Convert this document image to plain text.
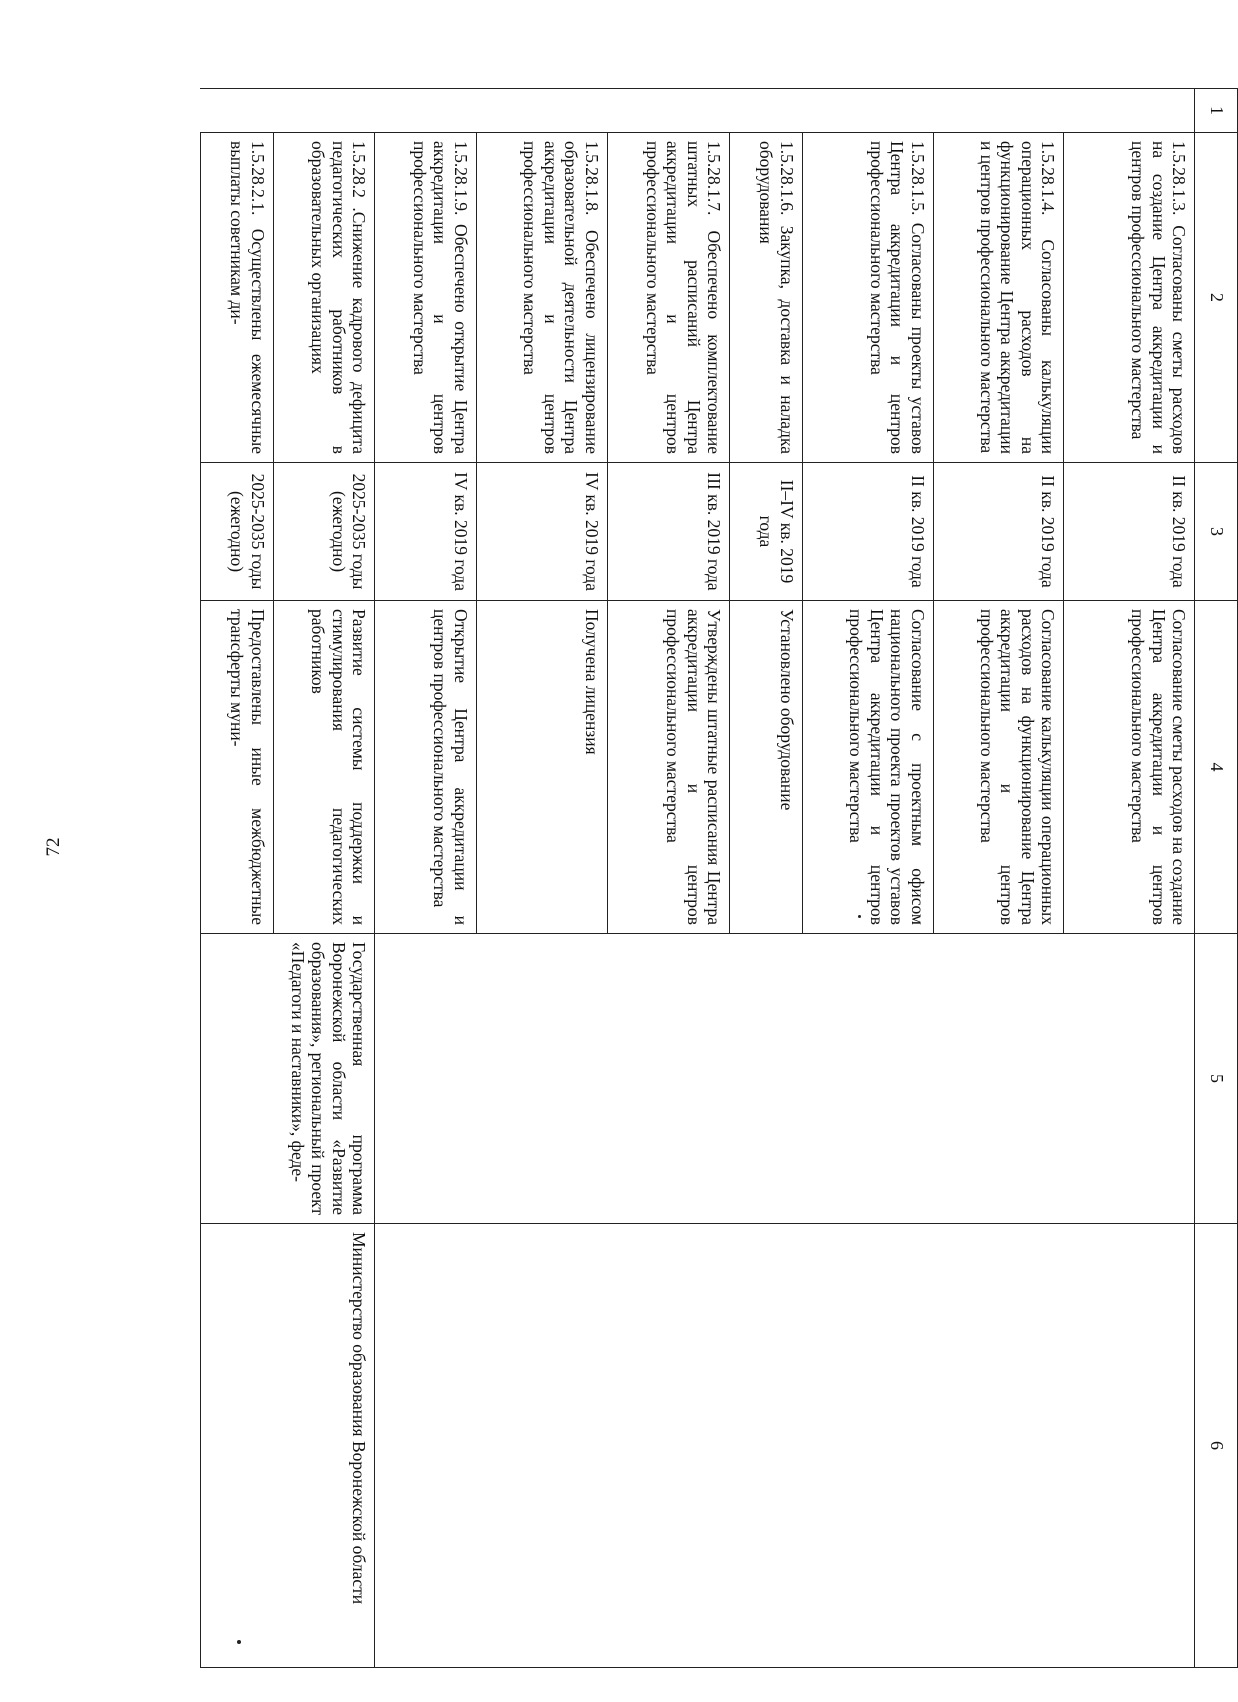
72
1	2	3	4	5	6
	1.5.28.1.3. Согласованы сметы расходов на создание Центра аккредитации и центров профессионального мастерства	II кв. 2019 года	Согласование сметы расходов на создание Центра аккредитации и центров профессионального мастерства		
	1.5.28.1.4. Согласованы калькуляции операционных расходов на функционирование Центра аккредитации и центров профессионального мастерства	II кв. 2019 года	Согласование калькуляции операционных расходов на функционирование Центра аккредитации и центров профессионального мастерства		
	1.5.28.1.5. Согласованы проекты уставов Центра аккредитации и центров профессионального мастерства	II кв. 2019 года	Согласование с проектным офисом национального проекта проектов уставов Центра аккредитации и центров профессионального мастерства		
	1.5.28.1.6. Закупка, доставка и наладка оборудования	II–IV кв. 2019 года	Установлено оборудование		
	1.5.28.1.7. Обеспечено комплектование штатных расписаний Центра аккредитации и центров профессионального мастерства	III кв. 2019 года	Утверждены штатные расписания Центра аккредитации и центров профессионального мастерства		
	1.5.28.1.8. Обеспечено лицензирование образовательной деятельности Центра аккредитации и центров профессионального мастерства	IV кв. 2019 года	Получена лицензия		
	1.5.28.1.9. Обеспечено открытие Центра аккредитации и центров профессионального мастерства	IV кв. 2019 года	Открытие Центра аккредитации и центров профессионального мастерства		
	1.5.28.2 .Снижение кадрового дефицита педагогических работников в образовательных организациях	2025-2035 годы (ежегодно)	Развитие системы поддержки и стимулирования педагогических работников	Государственная программа Воронежской области «Развитие образования», региональный проект «Педагоги и наставники», феде-	Министерство образования Воронежской области
	1.5.28.2.1. Осуществлены ежемесячные выплаты советникам ди-	2025-2035 годы (ежегодно)	Предоставлены иные межбюджетные трансферты муни-		
